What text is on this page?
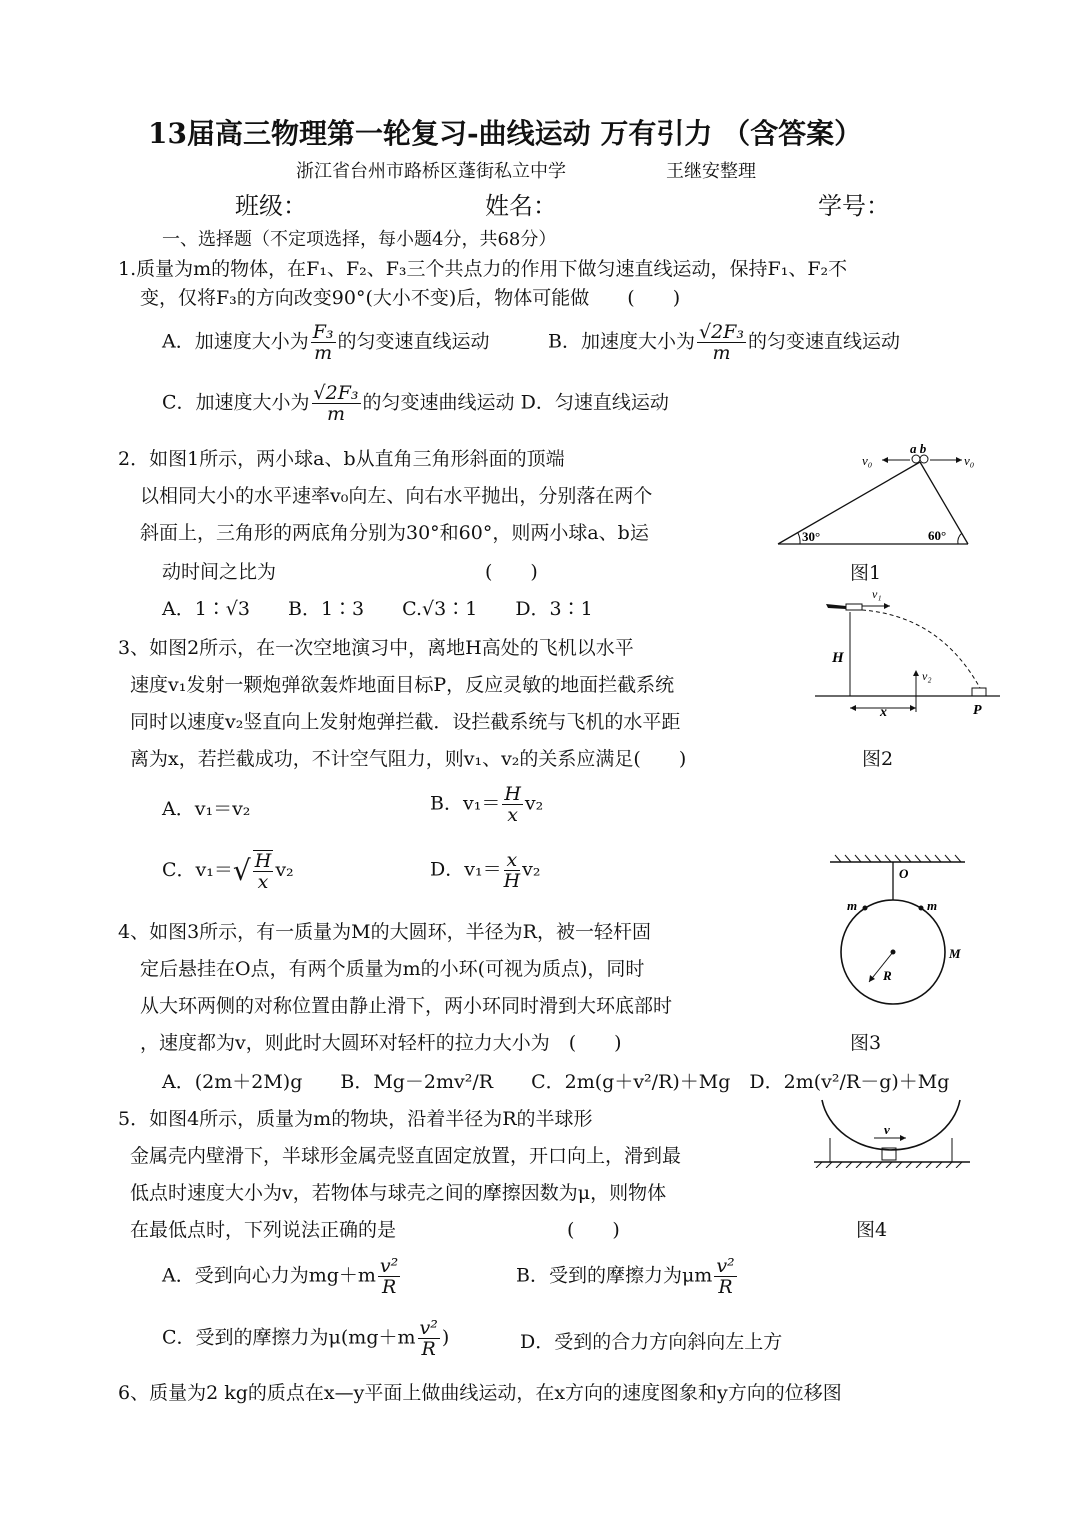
13届高三物理第一轮复习-曲线运动 万有引力 （含答案）
浙江省台州市路桥区蓬街私立中学	王继安整理
班级：	姓名：	学号：
一、选择题（不定项选择，每小题4分，共68分）
1.质量为m的物体，在F₁、F₂、F₃三个共点力的作用下做匀速直线运动，保持F₁、F₂不
变，仅将F₃的方向改变90°(大小不变)后，物体可能做　　(　　)
A．加速度大小为 $\frac{\text{F₃}}{m}$ 的匀变速直线运动	B．加速度大小为 $\frac{\text{√2F₃}}{m}$ 的匀变速直线运动
C．加速度大小为 $\frac{\text{√2F₃}}{m}$ 的匀变速曲线运动 D．匀速直线运动
2．如图1所示，两小球a、b从直角三角形斜面的顶端
以相同大小的水平速率v₀向左、向右水平抛出，分别落在两个
斜面上，三角形的两底角分别为30°和60°，则两小球a、b运
动时间之比为　　　　　　　　　　　(　　)
A．1∶√3　　B．1∶3　　C.√3∶1　　D．3∶1
v₀	v₀
a b
30°	60°
图1
3、如图2所示，在一次空地演习中，离地H高处的飞机以水平
速度v₁发射一颗炮弹欲轰炸地面目标P，反应灵敏的地面拦截系统
同时以速度v₂竖直向上发射炮弹拦截．设拦截系统与飞机的水平距
离为x，若拦截成功，不计空气阻力，则v₁、v₂的关系应满足(　　)
A．v₁＝v₂	B．$v_1= \frac{H}{x} v_2$
C．$v_1=√ \frac{H}{x} v_2$	D．$v_1= \frac{x}{H} v_2$
v₁
v₂
H
x	P
图2
4、如图3所示，有一质量为M的大圆环，半径为R，被一轻杆固
定后悬挂在O点，有两个质量为m的小环(可视为质点)，同时
从大环两侧的对称位置由静止滑下，两小环同时滑到大环底部时
，速度都为v，则此时大圆环对轻杆的拉力大小为　(　　)
A．(2m＋2M)g　　B．Mg－2mv²/R　　C．2m(g＋v²/R)＋Mg　D．2m(v²/R－g)＋Mg
O
m	m
M
R
图3
5．如图4所示，质量为m的物块，沿着半径为R的半球形
金属壳内壁滑下，半球形金属壳竖直固定放置，开口向上，滑到最
低点时速度大小为v，若物体与球壳之间的摩擦因数为μ，则物体
在最低点时，下列说法正确的是　　　　　　　　　(　　)
A．受到向心力为$mg+m \frac{\text{v²}}{R}$	B．受到的摩擦力为μm $\frac{\text{v²}}{R}$
C．受到的摩擦力为$\mu(mg+m \frac{\text{v²}}{R}$ )	D．受到的合力方向斜向左上方
v
图4
6、质量为2 kg的质点在x—y平面上做曲线运动，在x方向的速度图象和y方向的位移图
